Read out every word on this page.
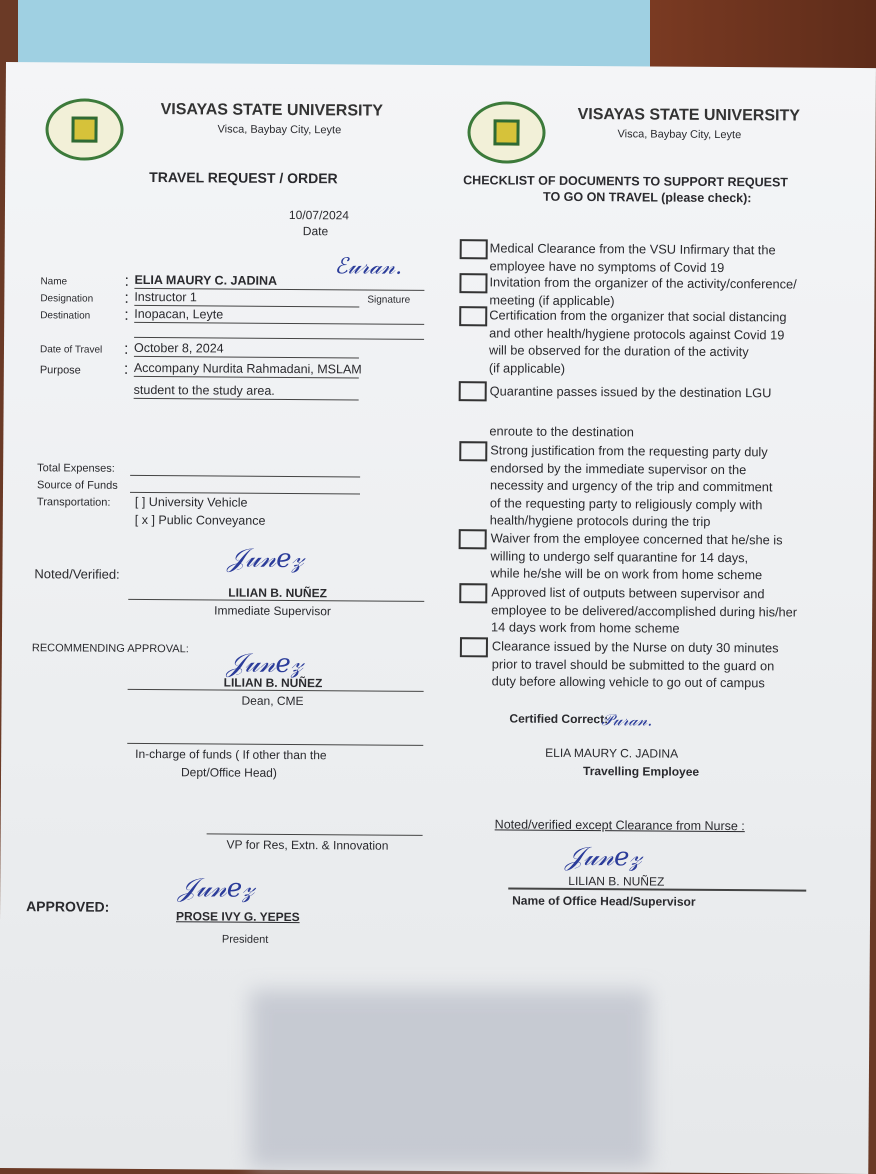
VISAYAS STATE UNIVERSITY
Visca, Baybay City, Leyte
TRAVEL REQUEST / ORDER
10/07/2024
Date
Name	: ELIA MAURY C. JADINA
ℰ𝓊𝓇𝒶𝓃.
Signature
Designation : Instructor 1
Destination : Inopacan, Leyte
Date of Travel : October 8, 2024
Purpose	: Accompany Nurdita Rahmadani, MSLAM
student to the study area.
Total Expenses:
Source of Funds
Transportation: [ ] University Vehicle
[ x ] Public Conveyance
Noted/Verified:	𝒥𝓊𝓃𝑒𝓏
LILIAN B. NUÑEZ
Immediate Supervisor
RECOMMENDING APPROVAL: 𝒥𝓊𝓃𝑒𝓏
LILIAN B. NUÑEZ
Dean, CME
In-charge of funds ( If other than the
Dept/Office Head)
VP for Res, Extn. & Innovation
APPROVED:
𝒥𝓊𝓃𝑒𝓏
PROSE IVY G. YEPES
President
VISAYAS STATE UNIVERSITY
Visca, Baybay City, Leyte
CHECKLIST OF DOCUMENTS TO SUPPORT REQUEST
TO GO ON TRAVEL (please check):
Medical Clearance from the VSU Infirmary that the
employee have no symptoms of Covid 19
Invitation from the organizer of the activity/conference/
meeting (if applicable)
Certification from the organizer that social distancing
and other health/hygiene protocols against Covid 19
will be observed for the duration of the activity
(if applicable)
Quarantine passes issued by the destination LGU

enroute to the destination
Strong justification from the requesting party duly
endorsed by the immediate supervisor on the
necessity and urgency of the trip and commitment
of the requesting party to religiously comply with
health/hygiene protocols during the trip
Waiver from the employee concerned that he/she is
willing to undergo self quarantine for 14 days,
while he/she will be on work from home scheme
Approved list of outputs between supervisor and
employee to be delivered/accomplished during his/her
14 days work from home scheme
Clearance issued by the Nurse on duty 30 minutes
prior to travel should be submitted to the guard on
duty before allowing vehicle to go out of campus
Certified Correct:
𝒫𝓊𝓇𝒶𝓃.
ELIA MAURY C. JADINA
Travelling Employee
Noted/verified except Clearance from Nurse :
𝒥𝓊𝓃𝑒𝓏
LILIAN B. NUÑEZ
Name of Office Head/Supervisor
